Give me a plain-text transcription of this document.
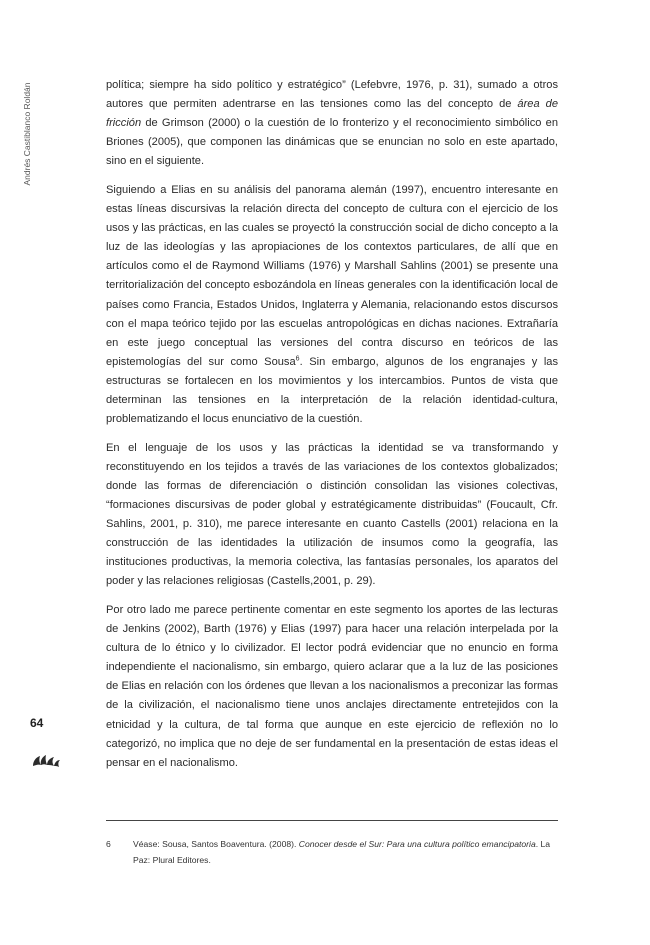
Andrés Castiblanco Roldán	política; siempre ha sido político y estratégico” (Lefebvre, 1976, p. 31), sumado a otros autores que permiten adentrarse en las tensiones como las del concepto de área de fricción de Grimson (2000) o la cuestión de lo fronterizo y el reconocimiento simbólico en Briones (2005), que componen las dinámicas que se enuncian no solo en este apartado, sino en el siguiente.

Siguiendo a Elias en su análisis del panorama alemán (1997), encuentro interesante en estas líneas discursivas la relación directa del concepto de cultura con el ejercicio de los usos y las prácticas, en las cuales se proyectó la construcción social de dicho concepto a la luz de las ideologías y las apropiaciones de los contextos particulares, de allí que en artículos como el de Raymond Williams (1976) y Marshall Sahlins (2001) se presente una territorialización del concepto esbozándola en líneas generales con la identificación local de países como Francia, Estados Unidos, Inglaterra y Alemania, relacionando estos discursos con el mapa teórico tejido por las escuelas antropológicas en dichas naciones. Extrañaría en este juego conceptual las versiones del contra discurso en teóricos de las epistemologías del sur como Sousa$^6$. Sin embargo, algunos de los engranajes y las estructuras se fortalecen en los movimientos y los intercambios. Puntos de vista que determinan las tensiones en la interpretación de la relación identidad-cultura, problematizando el locus enunciativo de la cuestión.

En el lenguaje de los usos y las prácticas la identidad se va transformando y reconstituyendo en los tejidos a través de las variaciones de los contextos globalizados; donde las formas de diferenciación o distinción consolidan las visiones colectivas, “formaciones discursivas de poder global y estratégicamente distribuidas” (Foucault, Cfr. Sahlins, 2001, p. 310), me parece interesante en cuanto Castells (2001) relaciona en la construcción de las identidades la utilización de insumos como la geografía, las instituciones productivas, la memoria colectiva, las fantasías personales, los aparatos del poder y las relaciones religiosas (Castells,2001, p. 29).

Por otro lado me parece pertinente comentar en este segmento los aportes de las lecturas de Jenkins (2002), Barth (1976) y Elias (1997) para hacer una relación interpelada por la cultura de lo étnico y lo civilizador. El lector podrá evidenciar que no enuncio en forma independiente el nacionalismo, sin embargo, quiero aclarar que a la luz de las posiciones de Elias en relación con los órdenes que llevan a los nacionalismos a preconizar las formas de la civilización, el nacionalismo tiene unos anclajes directamente entretejidos con la etnicidad y la cultura, de tal forma que aunque en este ejercicio de reflexión no lo categorizó, no implica que no deje de ser fundamental en la presentación de estas ideas el pensar en el nacionalismo.

64
6	Véase: Sousa, Santos Boaventura. (2008). Conocer desde el Sur: Para una cultura político emancipatoria. La Paz: Plural Editores.
